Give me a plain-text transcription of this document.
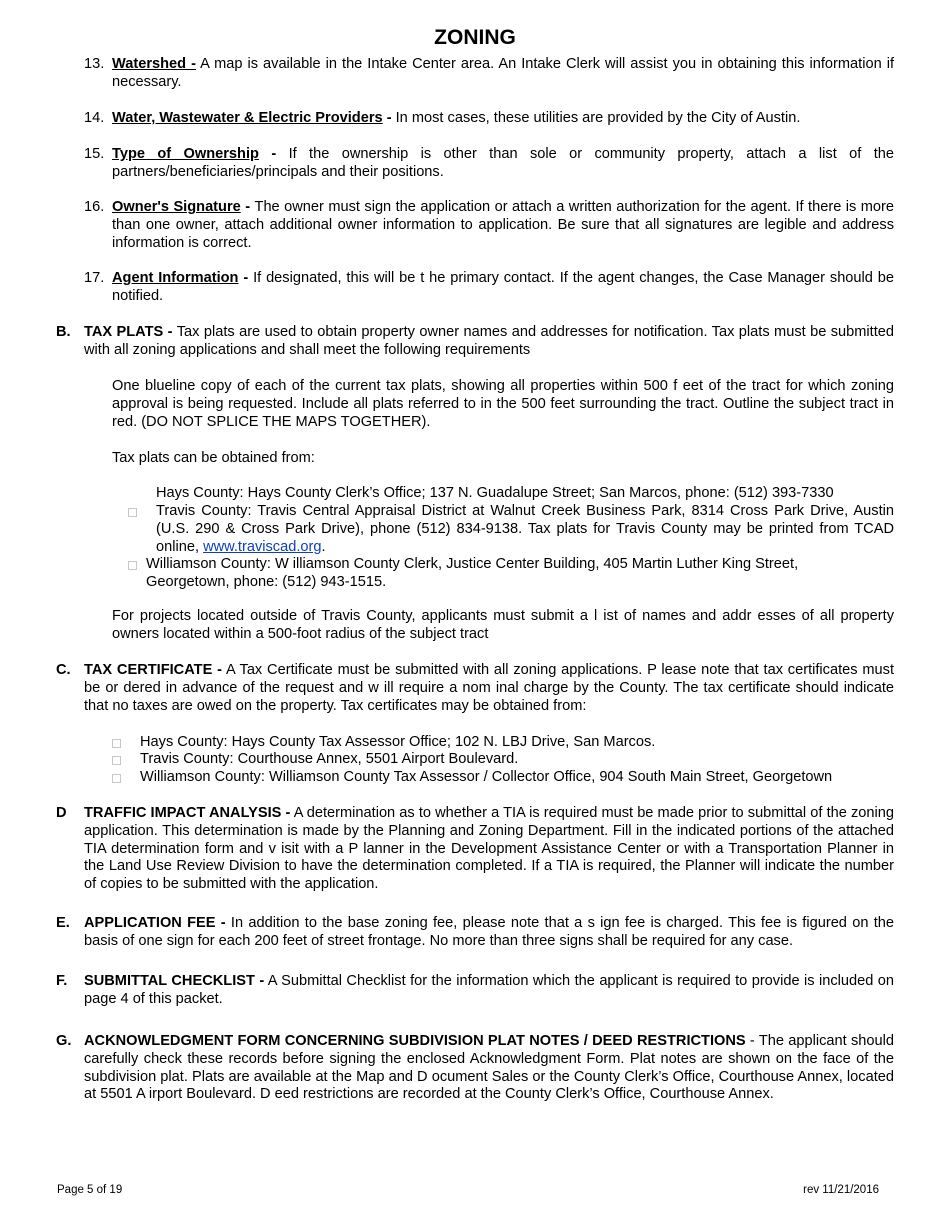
ZONING
13. Watershed - A map is available in the Intake Center area. An Intake Clerk will assist you in obtaining this information if necessary.
14. Water, Wastewater & Electric Providers - In most cases, these utilities are provided by the City of Austin.
15. Type of Ownership - If the ownership is other than sole or community property, attach a list of the partners/beneficiaries/principals and their positions.
16. Owner's Signature - The owner must sign the application or attach a written authorization for the agent. If there is more than one owner, attach additional owner information to application. Be sure that all signatures are legible and address information is correct.
17. Agent Information - If designated, this will be t he primary contact. If the agent changes, the Case Manager should be notified.
B. TAX PLATS - Tax plats are used to obtain property owner names and addresses for notification. Tax plats must be submitted with all zoning applications and shall meet the following requirements
One blueline copy of each of the current tax plats, showing all properties within 500 f eet of the tract for which zoning approval is being requested. Include all plats referred to in the 500 feet surrounding the tract. Outline the subject tract in red. (DO NOT SPLICE THE MAPS TOGETHER).
Tax plats can be obtained from:
Hays County: Hays County Clerk’s Office; 137 N. Guadalupe Street; San Marcos, phone: (512) 393-7330
Travis County: Travis Central Appraisal District at Walnut Creek Business Park, 8314 Cross Park Drive, Austin (U.S. 290 & Cross Park Drive), phone (512) 834-9138. Tax plats for Travis County may be printed from TCAD online, www.traviscad.org.
Williamson County: W illiamson County Clerk, Justice Center Building, 405 Martin Luther King Street, Georgetown, phone: (512) 943-1515.
For projects located outside of Travis County, applicants must submit a l ist of names and addr esses of all property owners located within a 500-foot radius of the subject tract
C. TAX CERTIFICATE - A Tax Certificate must be submitted with all zoning applications. P lease note that tax certificates must be or dered in advance of the request and w ill require a nom inal charge by the County. The tax certificate should indicate that no taxes are owed on the property. Tax certificates may be obtained from:
Hays County: Hays County Tax Assessor Office; 102 N. LBJ Drive, San Marcos.
Travis County: Courthouse Annex, 5501 Airport Boulevard.
Williamson County: Williamson County Tax Assessor / Collector Office, 904 South Main Street, Georgetown
D TRAFFIC IMPACT ANALYSIS - A determination as to whether a TIA is required must be made prior to submittal of the zoning application. This determination is made by the Planning and Zoning Department. Fill in the indicated portions of the attached TIA determination form and v isit with a P lanner in the Development Assistance Center or with a Transportation Planner in the Land Use Review Division to have the determination completed. If a TIA is required, the Planner will indicate the number of copies to be submitted with the application.
E. APPLICATION FEE - In addition to the base zoning fee, please note that a s ign fee is charged. This fee is figured on the basis of one sign for each 200 feet of street frontage. No more than three signs shall be required for any case.
F. SUBMITTAL CHECKLIST - A Submittal Checklist for the information which the applicant is required to provide is included on page 4 of this packet.
G. ACKNOWLEDGMENT FORM CONCERNING SUBDIVISION PLAT NOTES / DEED RESTRICTIONS - The applicant should carefully check these records before signing the enclosed Acknowledgment Form. Plat notes are shown on the face of the subdivision plat. Plats are available at the Map and D ocument Sales or the County Clerk’s Office, Courthouse Annex, located at 5501 A irport Boulevard. D eed restrictions are recorded at the County Clerk’s Office, Courthouse Annex.
Page 5 of 19	rev 11/21/2016
